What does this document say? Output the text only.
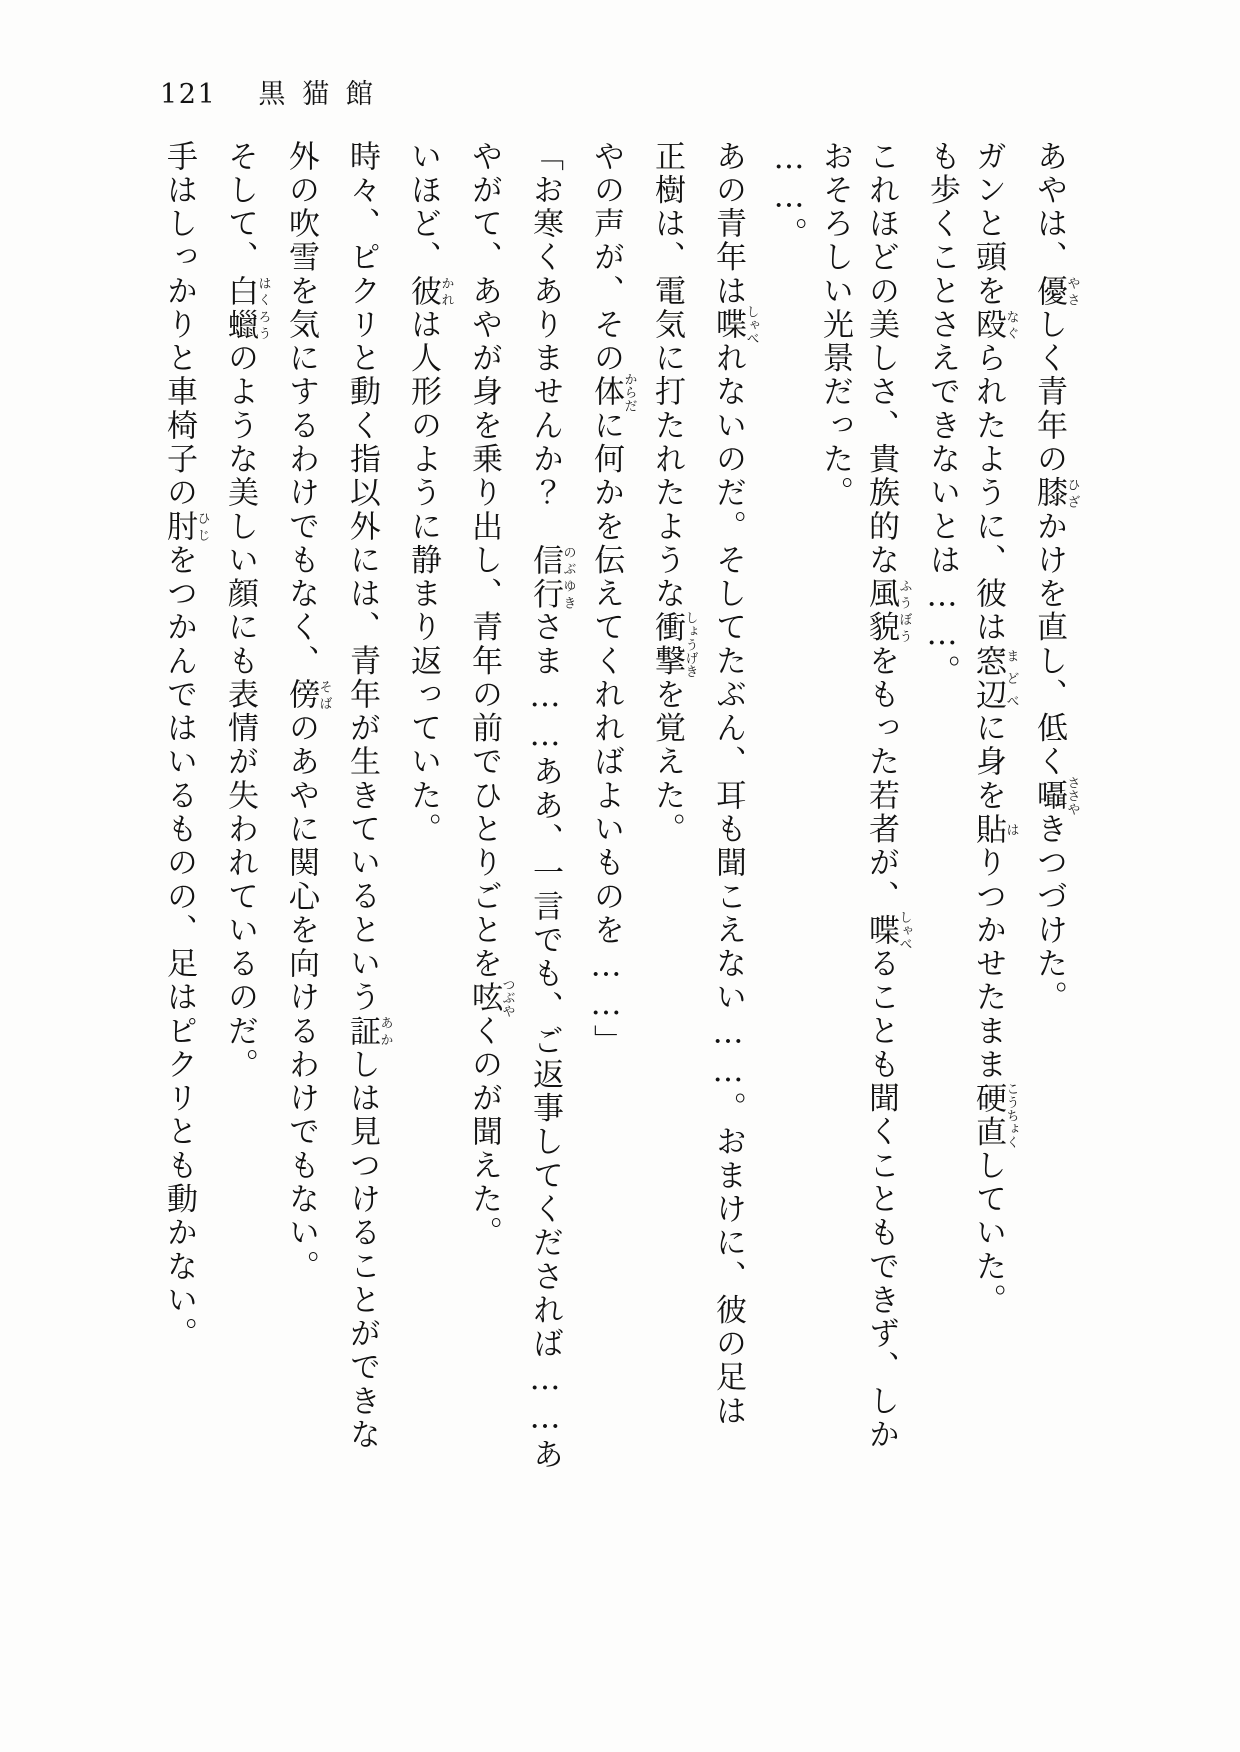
121 黒猫館
手はしっかりと車椅子の肘ひじをつかんではいるものの、足はピクリとも動かない。
そして、白蠟はくろうのような美しい顔にも表情が失われているのだ。 外の吹雪を気にするわけでもなく、傍そばのあやに関心を向けるわけでもない。 時々、ピクリと動く指以外には、青年が生きているという証あかしは見つけることができな
いほど、彼かれは人形のように静まり返っていた。 やがて、あやが身を乗り出し、青年の前でひとりごとを呟つぶやくのが聞えた。
「お寒くありませんか？　信行のぶゆきさま……ああ、一言でも、ご返事してくだされば……あ
やの声が、その体からだに何かを伝えてくれればよいものを……」
正樹は、電気に打たれたような衝撃しょうげきを覚えた。
あの青年は喋しゃべれないのだ。そしてたぶん、耳も聞こえない……。おまけに、彼の足は
……。 おそろしい光景だった。 これほどの美しさ、貴族的な風貌ふうぼうをもった若者が、喋しゃべることも聞くこともできず、しか
も歩くことさえできないとは……。 ガンと頭を殴なぐられたように、彼は窓辺まどべに身を貼はりつかせたまま硬直こうちょくしていた。
あやは、優やさしく青年の膝ひざかけを直し、低く囁ささやきつづけた。
